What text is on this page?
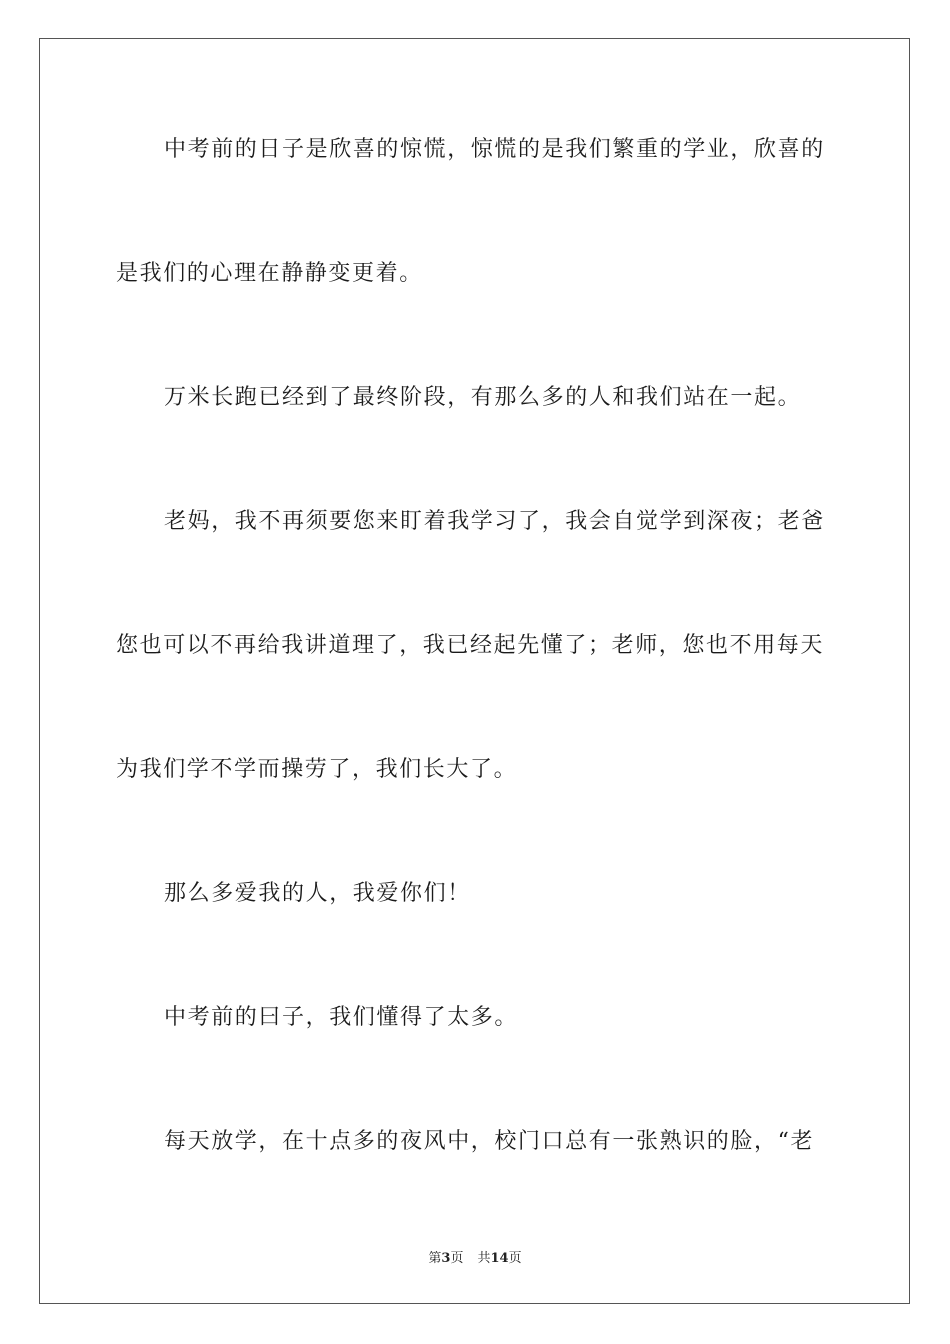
中考前的日子是欣喜的惊慌，惊慌的是我们繁重的学业，欣喜的
是我们的心理在静静变更着。
万米长跑已经到了最终阶段，有那么多的人和我们站在一起。
老妈，我不再须要您来盯着我学习了，我会自觉学到深夜；老爸
您也可以不再给我讲道理了，我已经起先懂了；老师，您也不用每天
为我们学不学而操劳了，我们长大了。
那么多爱我的人，我爱你们！
中考前的曰子，我们懂得了太多。
每天放学，在十点多的夜风中，校门口总有一张熟识的脸，“老
第3页 共14页
